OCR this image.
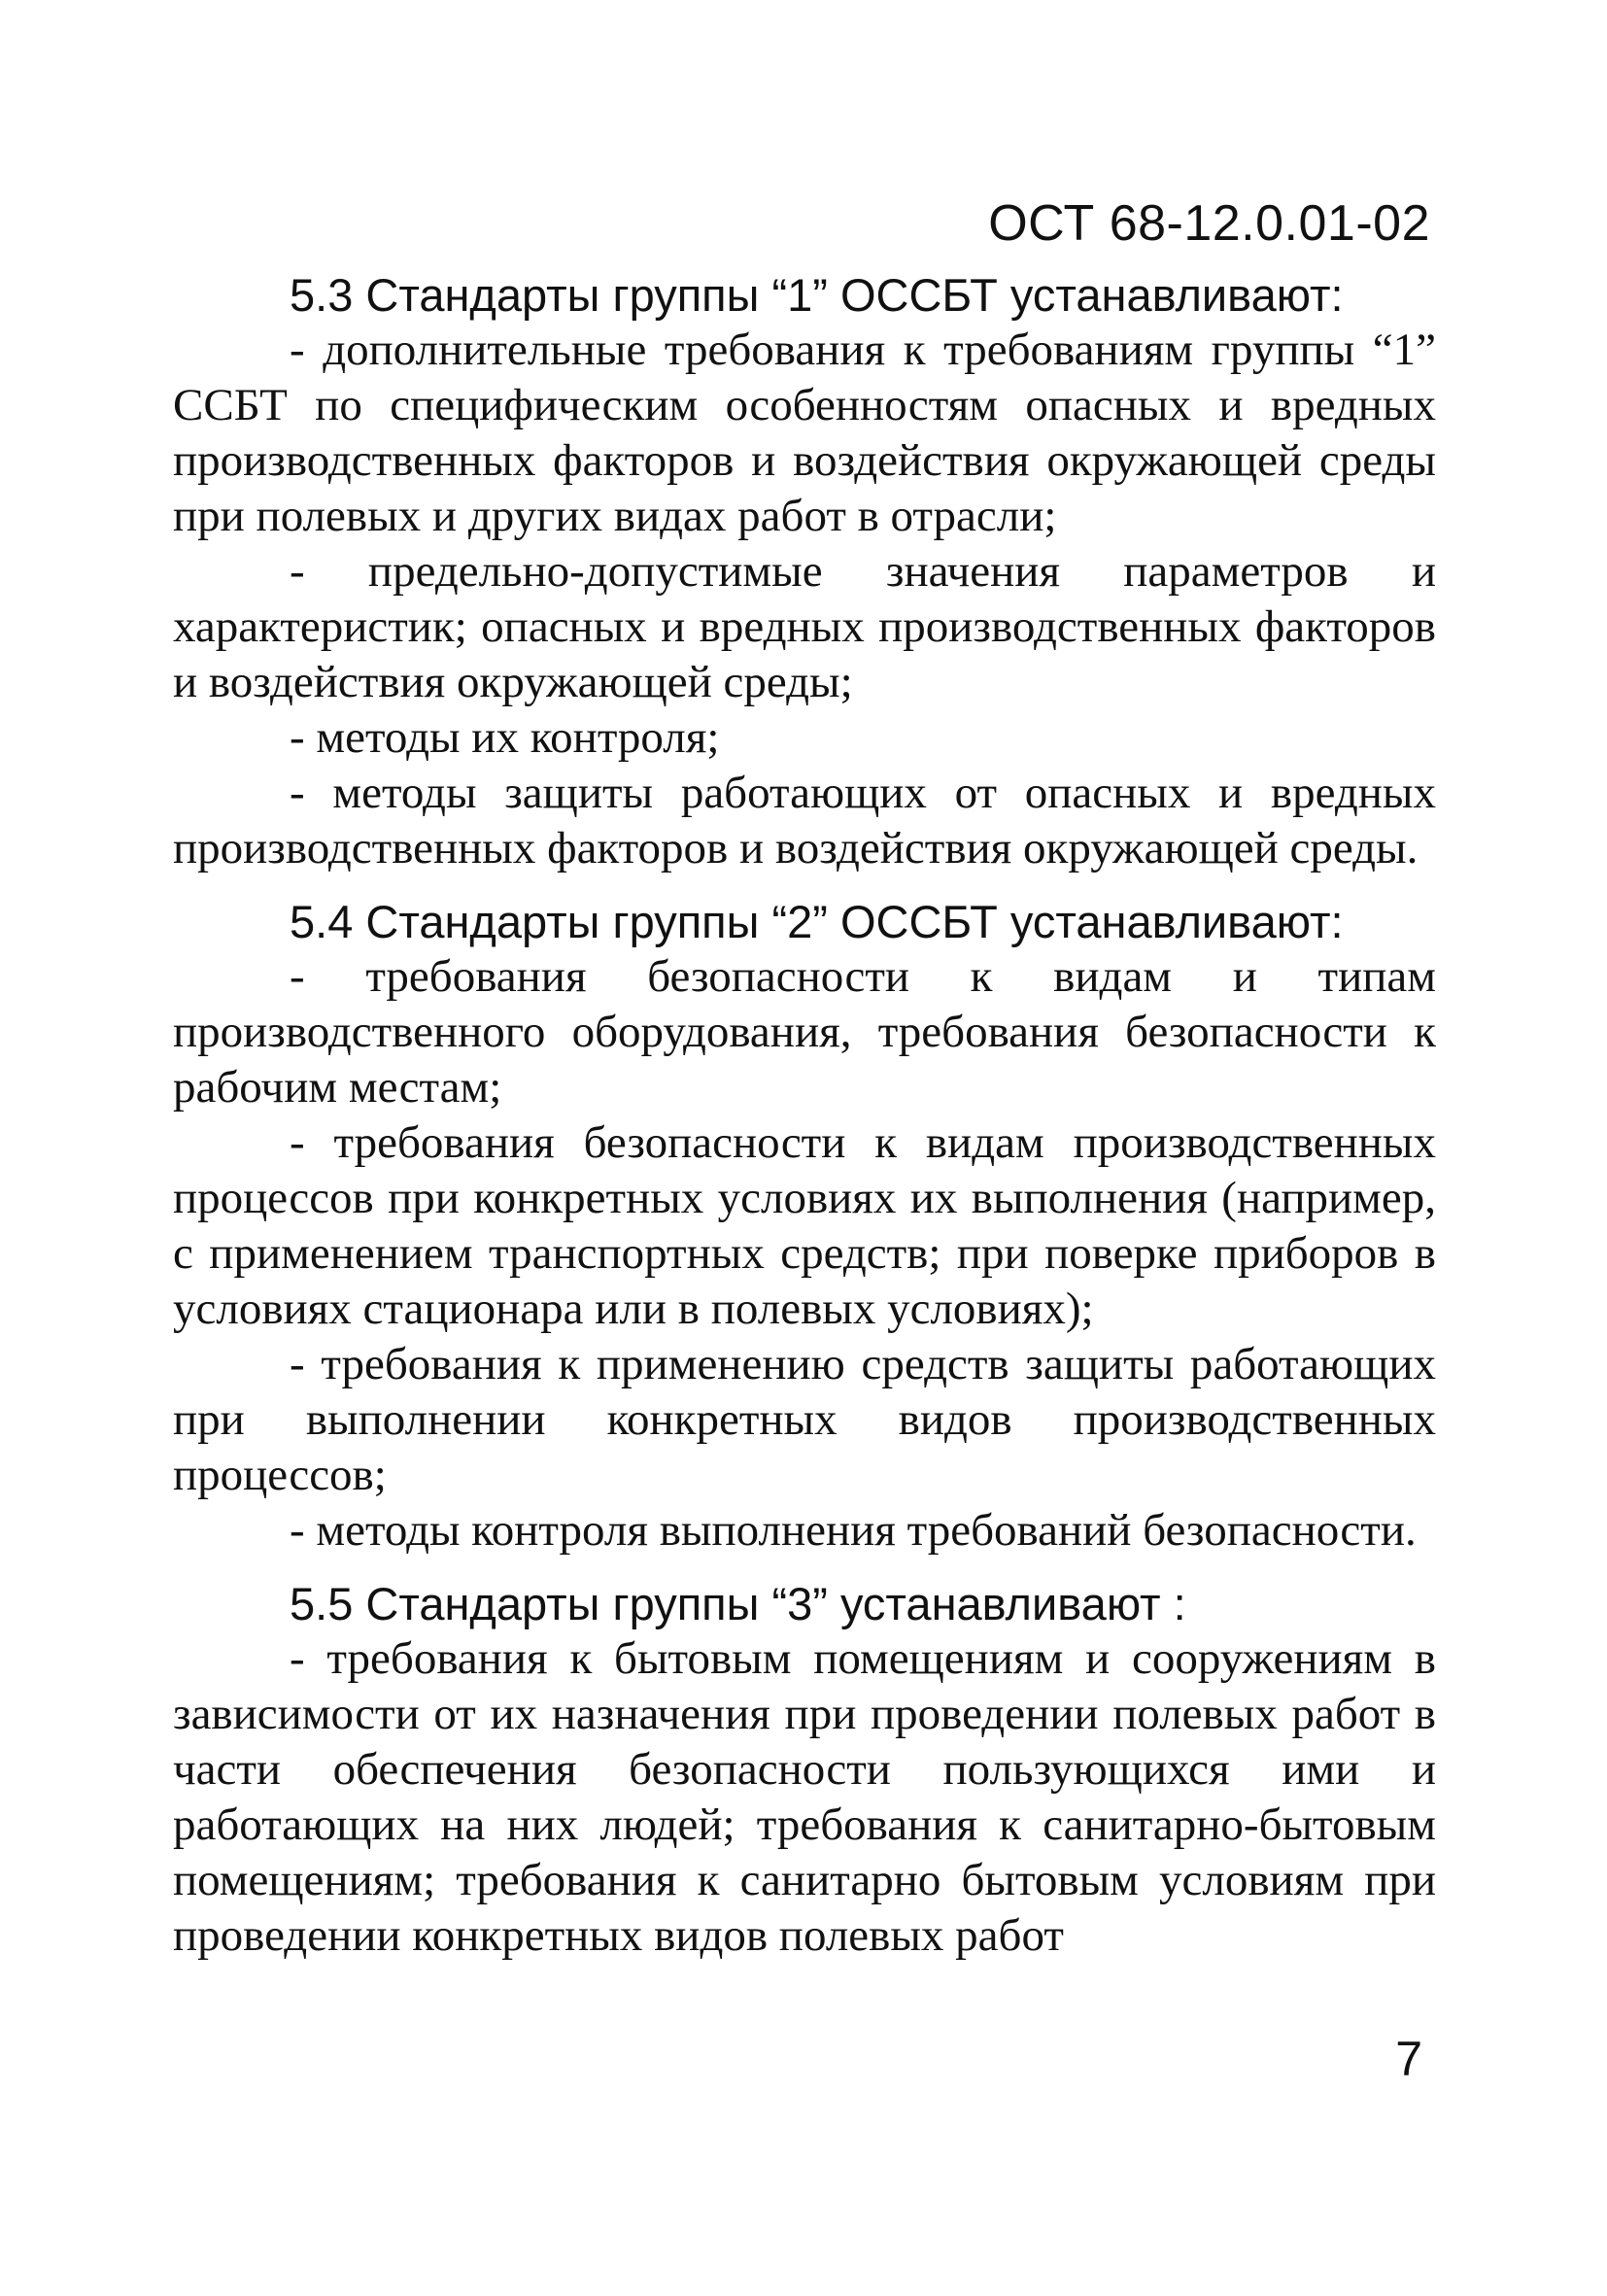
ОСТ 68-12.0.01-02

5.3 Стандарты группы “1” ОССБТ устанавливают:

- дополнительные требования к требованиям группы “1” ССБТ по специфическим особенностям опасных и вредных производственных факторов и воздействия окружающей среды при полевых и других видах работ в отрасли;

- предельно-допустимые значения параметров и характеристик; опасных и вредных производственных факторов и воздействия окружающей среды;

- методы их контроля;

- методы защиты работающих от опасных и вредных производственных факторов и воздействия окружающей среды.

5.4 Стандарты группы “2” ОССБТ устанавливают:

- требования безопасности к видам и типам производственного оборудования, требования безопасности к рабочим местам;

- требования безопасности к видам производственных процессов при конкретных условиях их выполнения (например, с применением транспортных средств; при поверке приборов в условиях стационара или в полевых условиях);

- требования к применению средств защиты работающих при выполнении конкретных видов производственных процессов;

- методы контроля выполнения требований безопасности.

5.5 Стандарты группы “3” устанавливают :

- требования к бытовым помещениям и сооружениям в зависимости от их назначения при проведении полевых работ в части обеспечения безопасности пользующихся ими и работающих на них людей; требования к санитарно-бытовым помещениям; требования к санитарно бытовым условиям при проведении конкретных видов полевых работ

7
